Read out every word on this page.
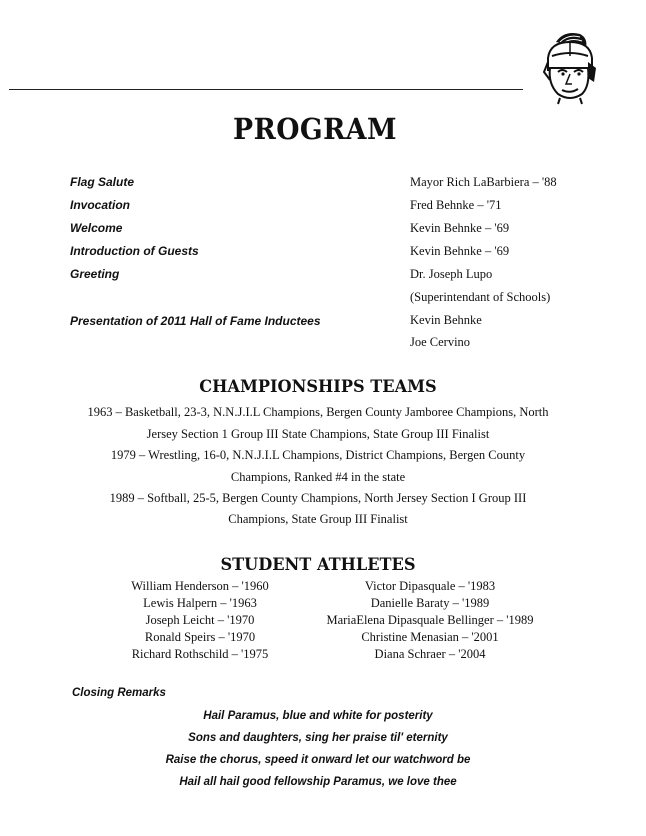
PROGRAM
Flag Salute
Invocation
Welcome
Introduction of Guests
Greeting
Presentation of 2011 Hall of Fame Inductees
Mayor Rich LaBarbiera – '88
Fred Behnke – '71
Kevin Behnke – '69
Kevin Behnke – '69
Dr. Joseph Lupo
(Superintendant of Schools)
Kevin Behnke
Joe Cervino
CHAMPIONSHIPS TEAMS
1963 – Basketball, 23-3, N.N.J.I.L Champions, Bergen County Jamboree Champions, North
Jersey Section 1 Group III State Champions, State Group III Finalist
1979 – Wrestling, 16-0, N.N.J.I.L Champions, District Champions, Bergen County
Champions, Ranked #4 in the state
1989 – Softball, 25-5, Bergen County Champions, North Jersey Section I Group III
Champions, State Group III Finalist
STUDENT ATHLETES
William Henderson – '1960
Lewis Halpern – '1963
Joseph Leicht – '1970
Ronald Speirs – '1970
Richard Rothschild – '1975
Victor Dipasquale – '1983
Danielle Baraty – '1989
MariaElena Dipasquale Bellinger – '1989
Christine Menasian – '2001
Diana Schraer – '2004
Closing Remarks
Hail Paramus, blue and white for posterity
Sons and daughters, sing her praise til' eternity
Raise the chorus, speed it onward let our watchword be
Hail all hail good fellowship Paramus, we love thee
